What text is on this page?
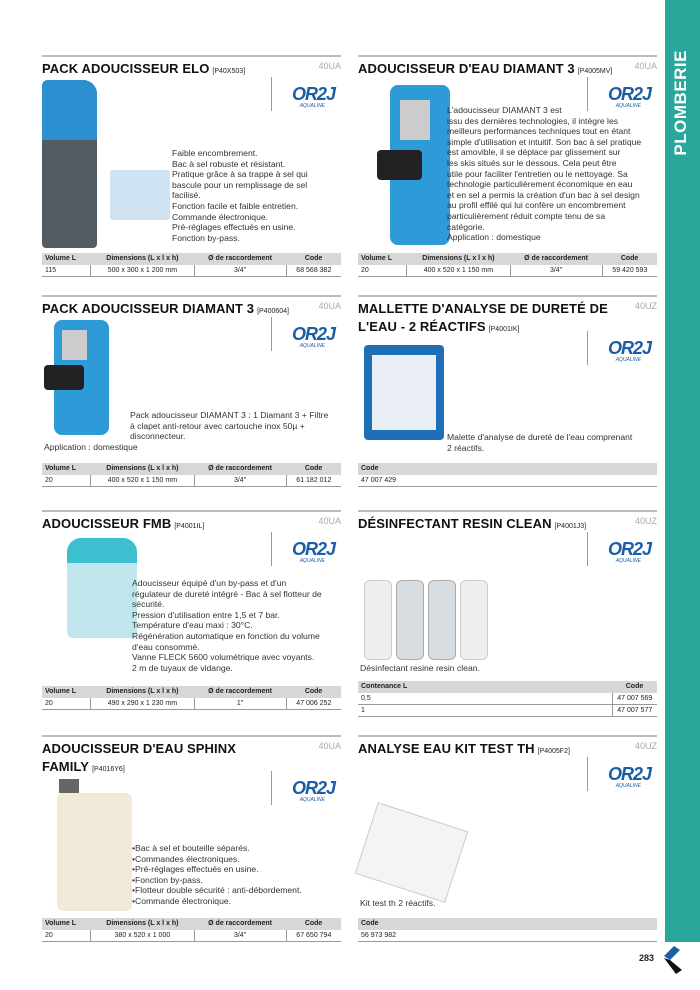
PLOMBERIE
PACK ADOUCISSEUR ELO [P40X503]
40UA
OR2J
AQUALINE
Faible encombrement.
Bac à sel robuste et résistant.
Pratique grâce à sa trappe à sel qui
bascule pour un remplissage de sel
facilisé.
Fonction facile et faible entretien.
Commande électronique.
Pré-réglages effectués en usine.
Fonction by-pass.
Volume L	Dimensions (L x l x h)	Ø de raccordement	Code
115	500 x 300 x 1 200 mm	3/4"	68 568 382
ADOUCISSEUR D'EAU DIAMANT 3 [P4005MV]
40UA
OR2J
AQUALINE
L'adoucisseur DIAMANT 3 est
issu des dernières technologies, il intègre les
meilleurs performances techniques tout en étant
simple d'utilisation et intuitif. Son bac à sel pratique
est amovible, il se déplace par glissement sur
les skis situés sur le dessous. Cela peut être
utile pour faciliter l'entretien ou le nettoyage. Sa
technologie particulièrement économique en eau
et en sel a permis la création d'un bac à sel design
au profil effilé qui lui confère un encombrement
particulièrement réduit compte tenu de sa
catégorie.
Application : domestique
Volume L	Dimensions (L x l x h)	Ø de raccordement	Code
20	400 x 520 x 1 150 mm	3/4"	59 420 593
PACK ADOUCISSEUR DIAMANT 3 [P400604]
40UA
OR2J
AQUALINE
Pack adoucisseur DIAMANT 3 : 1 Diamant 3 + Filtre
à clapet anti-retour avec cartouche inox 50µ +
disconnecteur.
Application : domestique
Volume L	Dimensions (L x l x h)	Ø de raccordement	Code
20	400 x 520 x 1 150 mm	3/4"	61 182 012
MALLETTE D'ANALYSE DE DURETÉ DE L'EAU - 2 RÉACTIFS [P4001IK]
40UZ
OR2J
AQUALINE
Malette d'analyse de dureté de l'eau comprenant
2 réactifs.
Code
47 007 429
ADOUCISSEUR FMB [P4001IL]
40UA
OR2J
AQUALINE
Adoucisseur équipé d'un by-pass et d'un
régulateur de dureté intégré - Bac à sel flotteur de
sécurité.
Pression d'utilisation entre 1,5 et 7 bar.
Température d'eau maxi : 30°C.
Régénération automatique en fonction du volume
d'eau consommé.
Vanne FLECK 5600 volumétrique avec voyants.
2 m de tuyaux de vidange.
Volume L	Dimensions (L x l x h)	Ø de raccordement	Code
20	490 x 290 x 1 230 mm	1"	47 006 252
DÉSINFECTANT RESIN CLEAN [P4001J3]
40UZ
OR2J
AQUALINE
Désinfectant resine resin clean.
Contenance L	Code
0,5	47 007 569
1	47 007 577
ADOUCISSEUR D'EAU SPHINX FAMILY [P4016Y6]
40UA
OR2J
AQUALINE
•Bac à sel et bouteille séparés.
•Commandes électroniques.
•Pré-réglages effectués en usine.
•Fonction by-pass.
•Flotteur double sécurité : anti-débordement.
•Commande électronique.
Volume L	Dimensions (L x l x h)	Ø de raccordement	Code
20	380 x 520 x 1 000	3/4"	67 650 794
ANALYSE EAU KIT TEST TH [P4005F2]
40UZ
OR2J
AQUALINE
Kit test th 2 réactifs.
Code
56 973 982
283
